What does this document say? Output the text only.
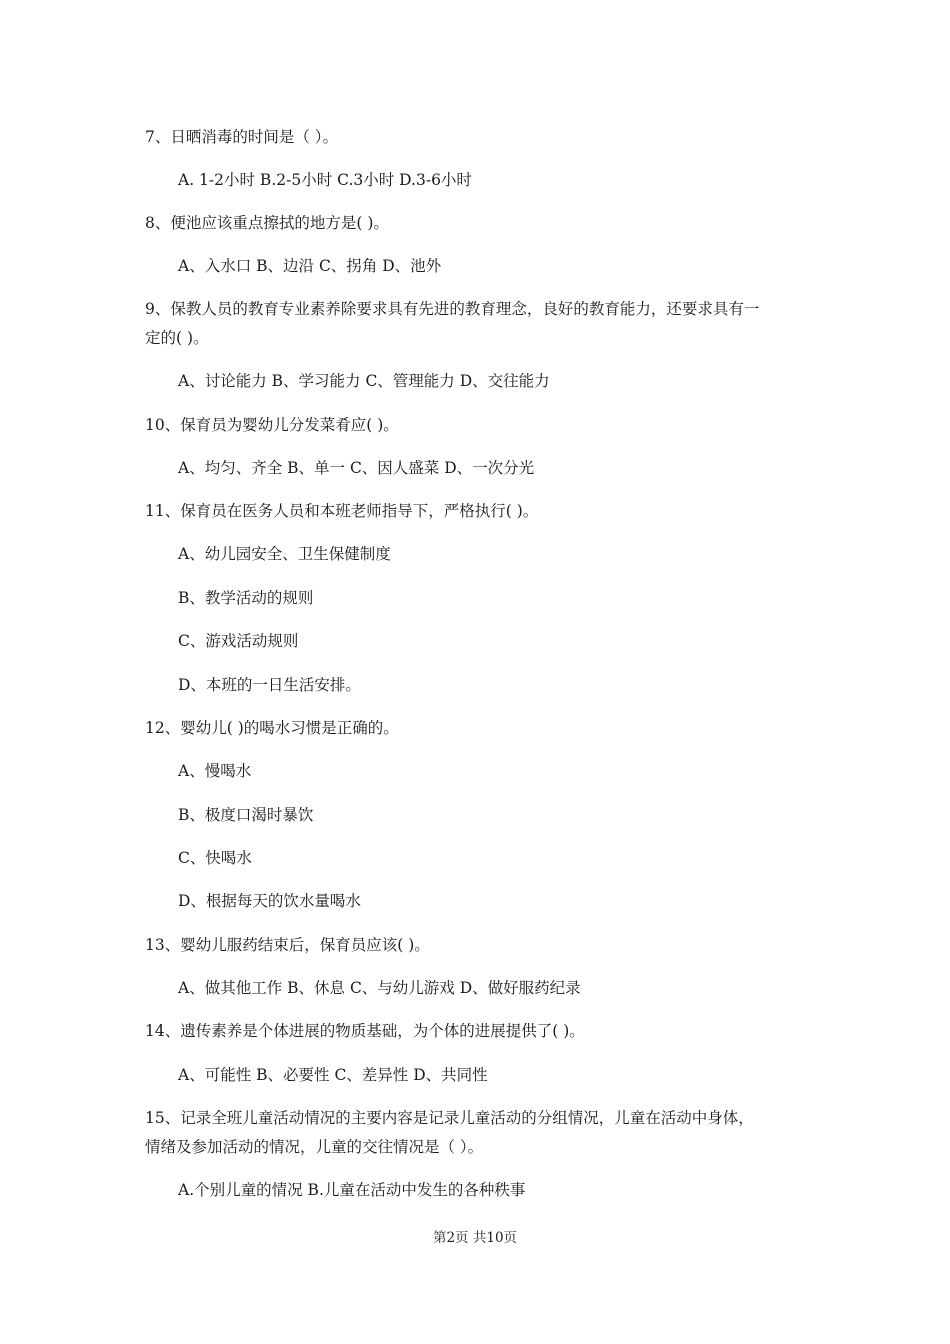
7、日晒消毒的时间是（ ）。
A. 1-2小时 B.2-5小时 C.3小时 D.3-6小时
8、便池应该重点擦拭的地方是( )。
A、入水口 B、边沿 C、拐角 D、池外
9、保教人员的教育专业素养除要求具有先进的教育理念，良好的教育能力，还要求具有一
定的( )。
A、讨论能力 B、学习能力 C、管理能力 D、交往能力
10、保育员为婴幼儿分发菜肴应( )。
A、均匀、齐全 B、单一 C、因人盛菜 D、一次分光
11、保育员在医务人员和本班老师指导下，严格执行( )。
A、幼儿园安全、卫生保健制度
B、教学活动的规则
C、游戏活动规则
D、本班的一日生活安排。
12、婴幼儿( )的喝水习惯是正确的。
A、慢喝水
B、极度口渴时暴饮
C、快喝水
D、根据每天的饮水量喝水
13、婴幼儿服药结束后，保育员应该( )。
A、做其他工作 B、休息 C、与幼儿游戏 D、做好服药纪录
14、遗传素养是个体进展的物质基础，为个体的进展提供了( )。
A、可能性 B、必要性 C、差异性 D、共同性
15、记录全班儿童活动情况的主要内容是记录儿童活动的分组情况，儿童在活动中身体，
情绪及参加活动的情况，儿童的交往情况是（ ）。
A.个别儿童的情况 B.儿童在活动中发生的各种秩事
第2页 共10页
